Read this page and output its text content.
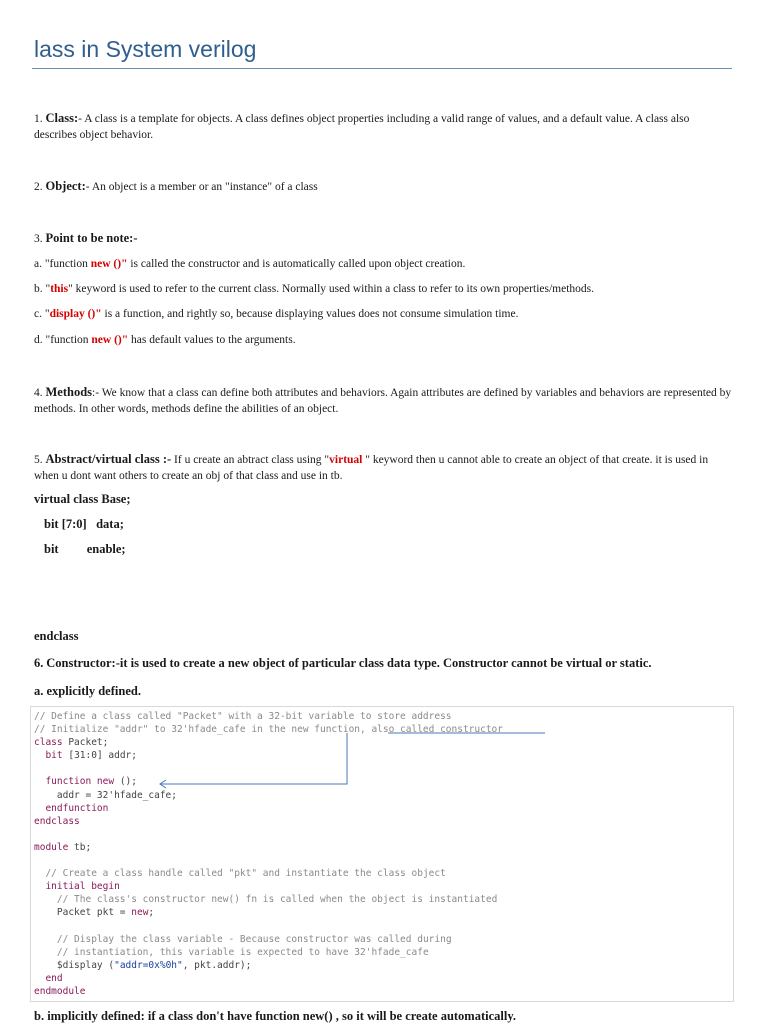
lass in System verilog

1. Class:- A class is a template for objects. A class defines object properties including a valid range of values, and a default value. A class also describes object behavior.

2. Object:- An object is a member or an "instance" of a class

3. Point to be note:-

a. "function new ()" is called the constructor and is automatically called upon object creation.

b. "this" keyword is used to refer to the current class. Normally used within a class to refer to its own properties/methods.

c. "display ()" is a function, and rightly so, because displaying values does not consume simulation time.

d. "function new ()" has default values to the arguments.

4. Methods:- We know that a class can define both attributes and behaviors. Again attributes are defined by variables and behaviors are represented by methods. In other words, methods define the abilities of an object.

5. Abstract/virtual class :- If u create an abtract class using "virtual " keyword then u cannot able to create an object of that create. it is used in when u dont want others to create an obj of that class and use in tb.

virtual class Base;

bit [7:0]   data;

bit         enable;

endclass

6. Constructor:-it is used to create a new object of particular class data type. Constructor cannot be virtual or static.

a. explicitly defined.

// Define a class called "Packet" with a 32-bit variable to store address
// Initialize "addr" to 32'hfade_cafe in the new function, also called constructor
class Packet;
bit [31:0] addr;

function new ();
addr = 32'hfade_cafe;
endfunction
endclass

module tb;

// Create a class handle called "pkt" and instantiate the class object
initial begin
// The class's constructor new() fn is called when the object is instantiated
Packet pkt = new;

// Display the class variable - Because constructor was called during
// instantiation, this variable is expected to have 32'hfade_cafe
$display ("addr=0x%0h", pkt.addr);
end
endmodule

b. implicitly defined: if a class don't have function new() , so it will be create automatically.
